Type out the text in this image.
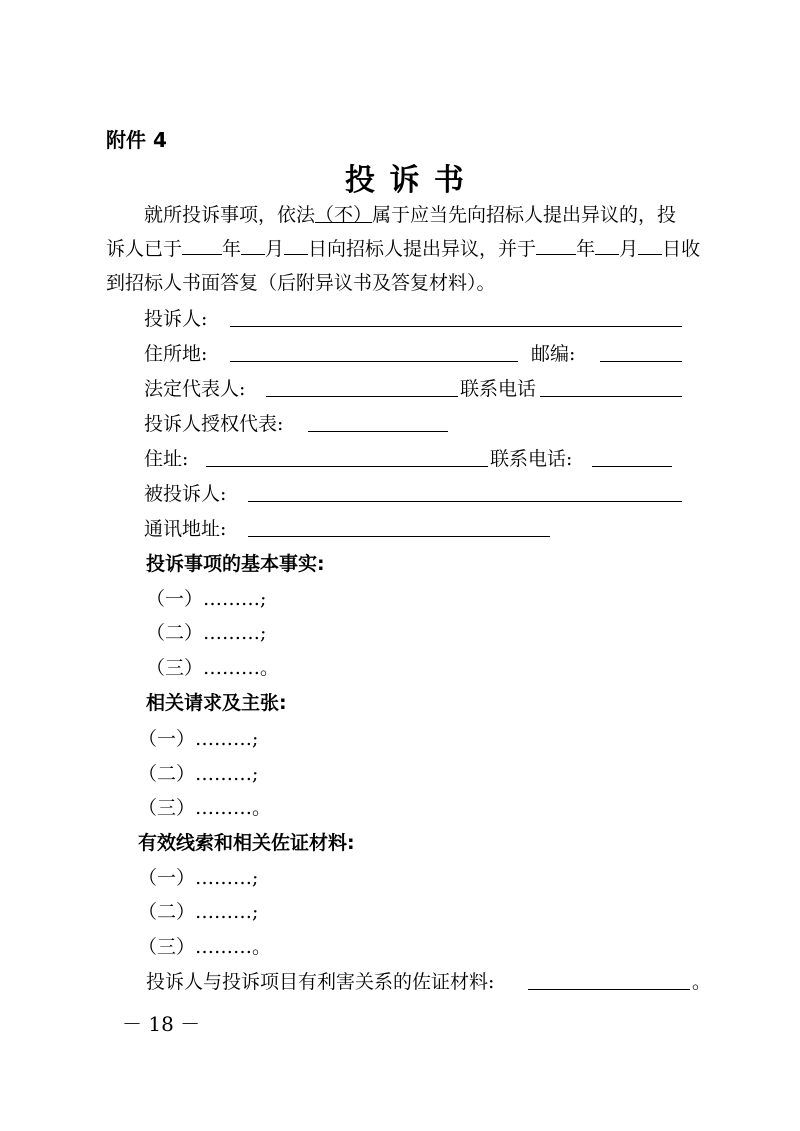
附件 4
投 诉 书
就所投诉事项，依法（不）属于应当先向招标人提出异议的，投
诉人已于 年 月 日向招标人提出异议，并于 年 月 日收
到招标人书面答复（后附异议书及答复材料）。
投诉人:
住所地:	邮编:
法定代表人:	联系电话
投诉人授权代表:
住址:	联系电话:
被投诉人:
通讯地址:
投诉事项的基本事实:
（一）………;
（二）………;
（三）………。
相关请求及主张:
（一）………;
（二）………;
（三）………。
有效线索和相关佐证材料:
（一）………;
（二）………;
（三）………。
投诉人与投诉项目有利害关系的佐证材料:	。
－ 18 －
